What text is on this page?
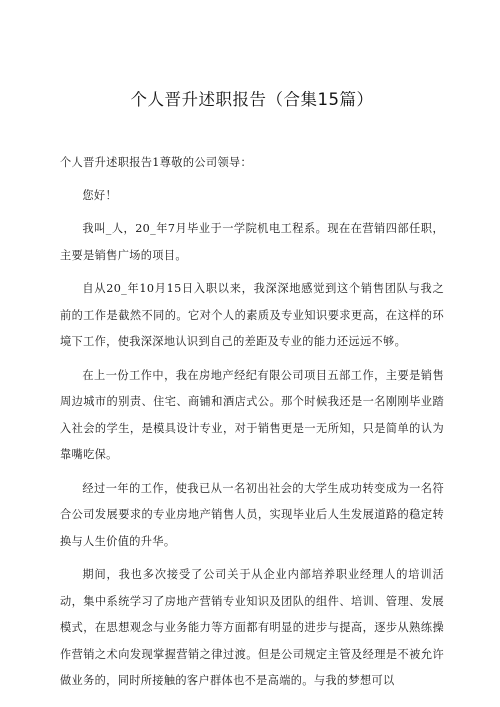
个人晋升述职报告（合集15篇）

个人晋升述职报告1尊敬的公司领导：

您好！

我叫_人，20_年7月毕业于一学院机电工程系。现在在营销四部任职，主要是销售广场的项目。

自从20_年10月15日入职以来，我深深地感觉到这个销售团队与我之前的工作是截然不同的。它对个人的素质及专业知识要求更高，在这样的环境下工作，使我深深地认识到自己的差距及专业的能力还远远不够。

在上一份工作中，我在房地产经纪有限公司项目五部工作，主要是销售周边城市的别责、住宅、商铺和酒店式公。那个时候我还是一名刚刚毕业踏入社会的学生，是模具设计专业，对于销售更是一无所知，只是简单的认为靠嘴吃保。

经过一年的工作，使我已从一名初出社会的大学生成功转变成为一名符合公司发展要求的专业房地产销售人员，实现毕业后人生发展道路的稳定转换与人生价值的升华。

期间，我也多次接受了公司关于从企业内部培养职业经理人的培训活动，集中系统学习了房地产营销专业知识及团队的组件、培训、管理、发展模式，在思想观念与业务能力等方面都有明显的进步与提高，逐步从熟练操作营销之术向发现掌握营销之律过渡。但是公司规定主管及经理是不被允许做业务的，同时所接触的客户群体也不是高端的。与我的梦想可以
